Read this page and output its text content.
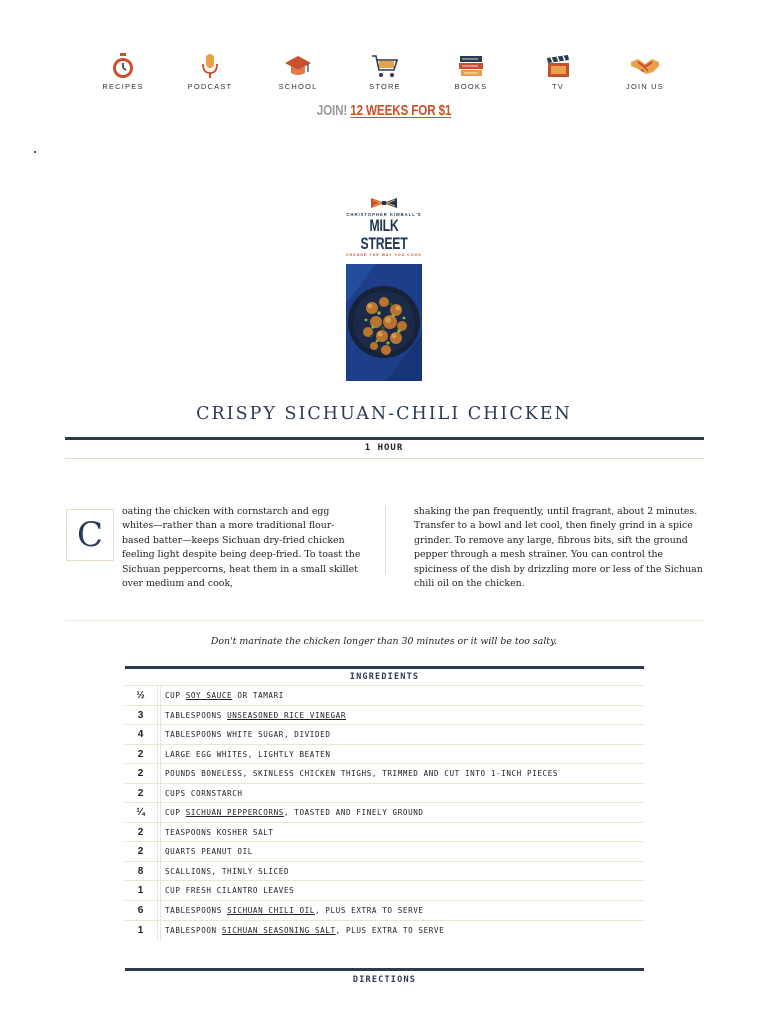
RECIPES	PODCAST	SCHOOL	STORE	BOOKS	TV	JOIN US
JOIN! 12 WEEKS FOR $1
CHRISTOPHER KIMBALL'S
MILK STREET
CHANGE THE WAY YOU COOK
CRISPY SICHUAN-CHILI CHICKEN
1 HOUR
C
oating the chicken with cornstarch and egg whites—rather than a more traditional flour-based batter—keeps Sichuan dry-fried chicken feeling light despite being deep-fried. To toast the Sichuan peppercorns, heat them in a small skillet over medium and cook,
shaking the pan frequently, until fragrant, about 2 minutes. Transfer to a bowl and let cool, then finely grind in a spice grinder. To remove any large, fibrous bits, sift the ground pepper through a mesh strainer. You can control the spiciness of the dish by drizzling more or less of the Sichuan chili oil on the chicken.
Don't marinate the chicken longer than 30 minutes or it will be too salty.
INGREDIENTS
½	CUP SOY SAUCE OR TAMARI
3	TABLESPOONS UNSEASONED RICE VINEGAR
4	TABLESPOONS WHITE SUGAR, DIVIDED
2	LARGE EGG WHITES, LIGHTLY BEATEN
2	POUNDS BONELESS, SKINLESS CHICKEN THIGHS, TRIMMED AND CUT INTO 1-INCH PIECES
2	CUPS CORNSTARCH
¼	CUP SICHUAN PEPPERCORNS, TOASTED AND FINELY GROUND
2	TEASPOONS KOSHER SALT
2	QUARTS PEANUT OIL
8	SCALLIONS, THINLY SLICED
1	CUP FRESH CILANTRO LEAVES
6	TABLESPOONS SICHUAN CHILI OIL, PLUS EXTRA TO SERVE
1	TABLESPOON SICHUAN SEASONING SALT, PLUS EXTRA TO SERVE
DIRECTIONS
